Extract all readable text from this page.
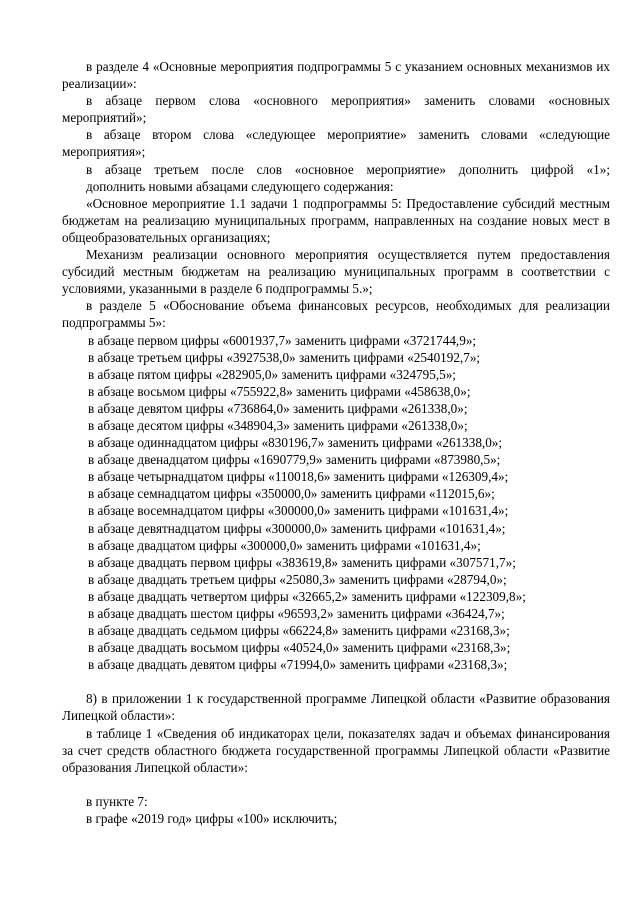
в разделе 4 «Основные мероприятия подпрограммы 5 с указанием основных механизмов их реализации»:

в абзаце первом слова «основного мероприятия» заменить словами «основных мероприятий»;

в абзаце втором слова «следующее мероприятие» заменить словами «следующие мероприятия»;

в абзаце третьем после слов «основное мероприятие» дополнить цифрой «1»;

дополнить новыми абзацами следующего содержания:

«Основное мероприятие 1.1 задачи 1 подпрограммы 5: Предоставление субсидий местным бюджетам на реализацию муниципальных программ, направленных на создание новых мест в общеобразовательных организациях;

Механизм реализации основного мероприятия осуществляется путем предоставления субсидий местным бюджетам на реализацию муниципальных программ в соответствии с условиями, указанными в разделе 6 подпрограммы 5.»;

в разделе 5 «Обоснование объема финансовых ресурсов, необходимых для реализации подпрограммы 5»:

в абзаце первом цифры «6001937,7» заменить цифрами «3721744,9»;

в абзаце третьем цифры «3927538,0» заменить цифрами «2540192,7»;

в абзаце пятом цифры «282905,0» заменить цифрами «324795,5»;

в абзаце восьмом цифры «755922,8» заменить цифрами «458638,0»;

в абзаце девятом цифры «736864,0» заменить цифрами «261338,0»;

в абзаце десятом цифры «348904,3» заменить цифрами «261338,0»;

в абзаце одиннадцатом цифры «830196,7» заменить цифрами «261338,0»;

в абзаце двенадцатом цифры «1690779,9» заменить цифрами «873980,5»;

в абзаце четырнадцатом цифры «110018,6» заменить цифрами «126309,4»;

в абзаце семнадцатом цифры «350000,0» заменить цифрами «112015,6»;

в абзаце восемнадцатом цифры «300000,0» заменить цифрами «101631,4»;

в абзаце девятнадцатом цифры «300000,0» заменить цифрами «101631,4»;

в абзаце двадцатом цифры «300000,0» заменить цифрами «101631,4»;

в абзаце двадцать первом цифры «383619,8» заменить цифрами «307571,7»;

в абзаце двадцать третьем цифры «25080,3» заменить цифрами «28794,0»;

в абзаце двадцать четвертом цифры «32665,2» заменить цифрами «122309,8»;

в абзаце двадцать шестом цифры «96593,2» заменить цифрами «36424,7»;

в абзаце двадцать седьмом цифры «66224,8» заменить цифрами «23168,3»;

в абзаце двадцать восьмом цифры «40524,0» заменить цифрами «23168,3»;

в абзаце двадцать девятом цифры «71994,0» заменить цифрами «23168,3»;

8) в приложении 1 к государственной программе Липецкой области «Развитие образования Липецкой области»:

в таблице 1 «Сведения об индикаторах цели, показателях задач и объемах финансирования за счет средств областного бюджета государственной программы Липецкой области «Развитие образования Липецкой области»:

в пункте 7:

в графе «2019 год» цифры «100» исключить;
